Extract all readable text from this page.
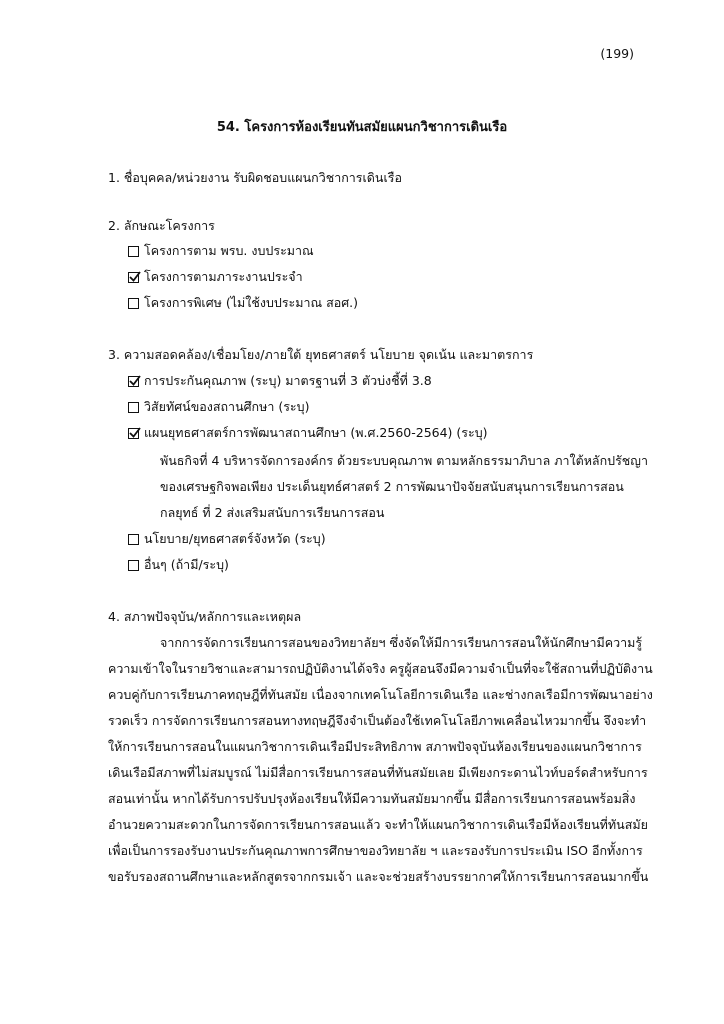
(199)
54. โครงการห้องเรียนทันสมัยแผนกวิชาการเดินเรือ
1. ชื่อบุคคล/หน่วยงาน รับผิดชอบแผนกวิชาการเดินเรือ
2. ลักษณะโครงการ
โครงการตาม พรบ. งบประมาณ
โครงการตามภาระงานประจำ
โครงการพิเศษ (ไม่ใช้งบประมาณ สอศ.)
3. ความสอดคล้อง/เชื่อมโยง/ภายใต้ ยุทธศาสตร์ นโยบาย จุดเน้น และมาตรการ
การประกันคุณภาพ (ระบุ) มาตรฐานที่ 3 ตัวบ่งชี้ที่ 3.8
วิสัยทัศน์ของสถานศึกษา (ระบุ)
แผนยุทธศาสตร์การพัฒนาสถานศึกษา (พ.ศ.2560-2564) (ระบุ)
พันธกิจที่ 4 บริหารจัดการองค์กร ด้วยระบบคุณภาพ ตามหลักธรรมาภิบาล ภาใต้หลักปรัชญา
ของเศรษฐกิจพอเพียง ประเด็นยุทธ์ศาสตร์ 2 การพัฒนาปัจจัยสนับสนุนการเรียนการสอน
กลยุทธ์ ที่ 2 ส่งเสริมสนับการเรียนการสอน
นโยบาย/ยุทธศาสตร์จังหวัด (ระบุ)
อื่นๆ (ถ้ามี/ระบุ)
4. สภาพปัจจุบัน/หลักการและเหตุผล
จากการจัดการเรียนการสอนของวิทยาลัยฯ ซึ่งจัดให้มีการเรียนการสอนให้นักศึกษามีความรู้
ความเข้าใจในรายวิชาและสามารถปฏิบัติงานได้จริง ครูผู้สอนจึงมีความจำเป็นที่จะใช้สถานที่ปฏิบัติงาน
ควบคู่กับการเรียนภาคทฤษฎีที่ทันสมัย เนื่องจากเทคโนโลยีการเดินเรือ และช่างกลเรือมีการพัฒนาอย่าง
รวดเร็ว การจัดการเรียนการสอนทางทฤษฎีจึงจำเป็นต้องใช้เทคโนโลยีภาพเคลื่อนไหวมากขึ้น จึงจะทำ
ให้การเรียนการสอนในแผนกวิชาการเดินเรือมีประสิทธิภาพ สภาพปัจจุบันห้องเรียนของแผนกวิชาการ
เดินเรือมีสภาพที่ไม่สมบูรณ์ ไม่มีสื่อการเรียนการสอนที่ทันสมัยเลย มีเพียงกระดานไวท์บอร์ดสำหรับการ
สอนเท่านั้น หากได้รับการปรับปรุงห้องเรียนให้มีความทันสมัยมากขึ้น มีสื่อการเรียนการสอนพร้อมสิ่ง
อำนวยความสะดวกในการจัดการเรียนการสอนแล้ว จะทำให้แผนกวิชาการเดินเรือมีห้องเรียนที่ทันสมัย
เพื่อเป็นการรองรับงานประกันคุณภาพการศึกษาของวิทยาลัย ฯ และรองรับการประเมิน ISO อีกทั้งการ
ขอรับรองสถานศึกษาและหลักสูตรจากกรมเจ้า และจะช่วยสร้างบรรยากาศให้การเรียนการสอนมากขึ้น
